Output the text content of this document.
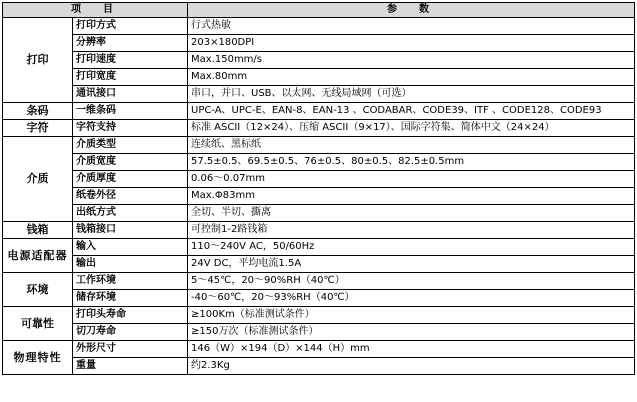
项　目		参　数
打印	打印方式	行式热敏
	分辨率	203×180DPI
	打印速度	Max.150mm/s
	打印宽度	Max.80mm
	通讯接口	串口，并口、USB、以太网、无线局域网（可选）
条码	一维条码	UPC-A、UPC-E、EAN-8、EAN-13 、CODABAR、CODE39、ITF 、CODE128、CODE93
字符	字符支持	标准 ASCII（12×24）、压缩 ASCII（9×17）、国际字符集、简体中文（24×24）
介质	介质类型	连续纸、黑标纸
	介质宽度	57.5±0.5、69.5±0.5、76±0.5、80±0.5、82.5±0.5mm
	介质厚度	0.06～0.07mm
	纸卷外径	Max.Φ83mm
	出纸方式	全切、半切、撕离
钱箱	钱箱接口	可控制1-2路钱箱
电源适配器	输入	110～240V AC，50/60Hz
	输出	24V DC，平均电流1.5A
环境	工作环境	5～45℃，20～90%RH（40℃）
	储存环境	-40～60℃，20～93%RH（40℃）
可靠性	打印头寿命	≥100Km（标准测试条件）
	切刀寿命	≥150万次（标准测试条件）
物理特性	外形尺寸	146（W）×194（D）×144（H）mm
	重量	约2.3Kg
